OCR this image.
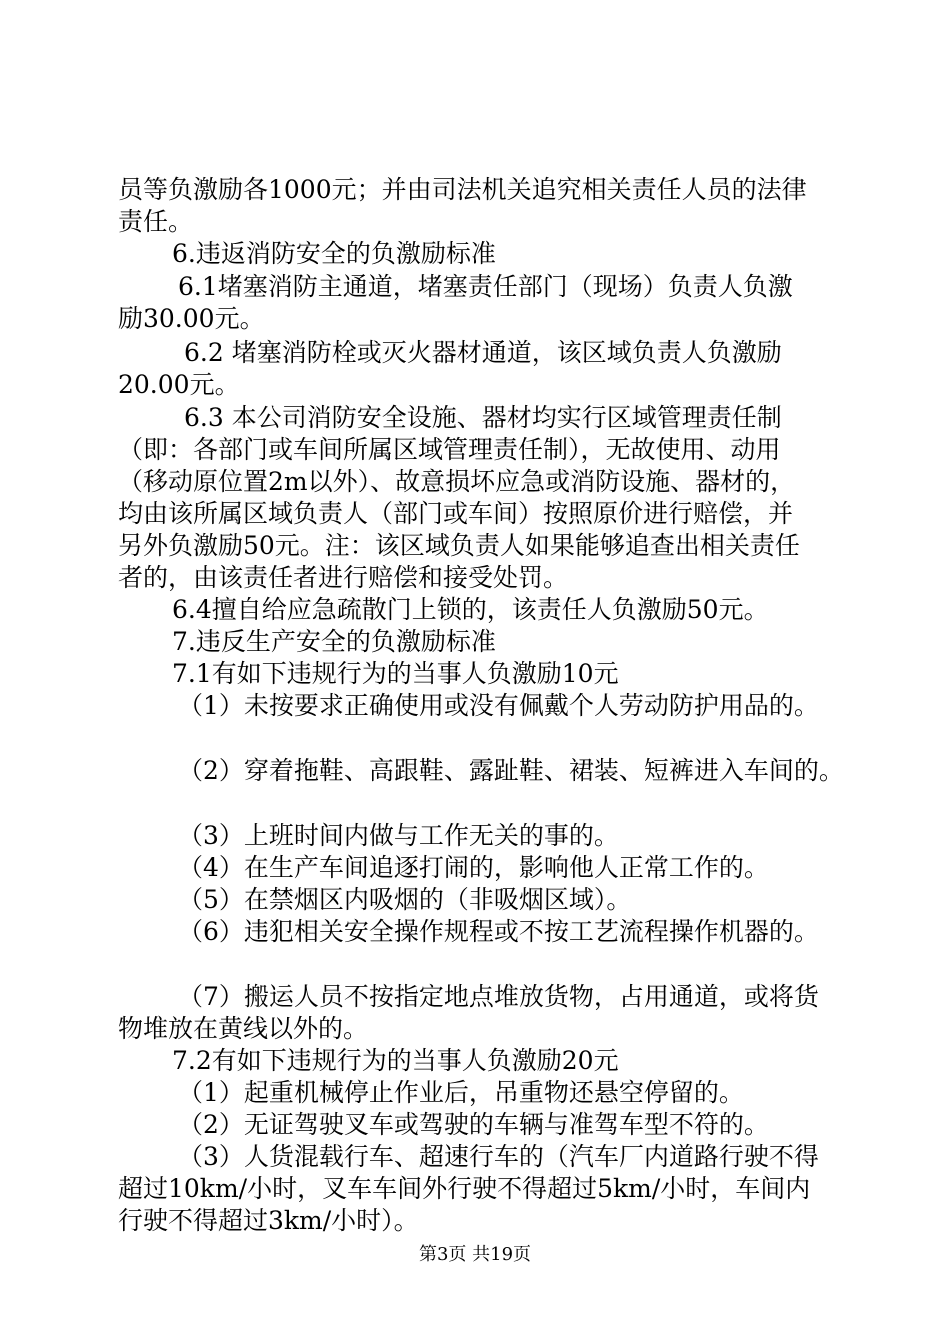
员等负激励各1000元；并由司法机关追究相关责任人员的法律
责任。
6.违返消防安全的负激励标准
6.1堵塞消防主通道，堵塞责任部门（现场）负责人负激
励30.00元。
6.2 堵塞消防栓或灭火器材通道，该区域负责人负激励
20.00元。
6.3 本公司消防安全设施、器材均实行区域管理责任制
（即：各部门或车间所属区域管理责任制），无故使用、动用
（移动原位置2m以外）、故意损坏应急或消防设施、器材的，
均由该所属区域负责人（部门或车间）按照原价进行赔偿，并
另外负激励50元。注：该区域负责人如果能够追查出相关责任
者的，由该责任者进行赔偿和接受处罚。
6.4擅自给应急疏散门上锁的，该责任人负激励50元。
7.违反生产安全的负激励标准
7.1有如下违规行为的当事人负激励10元
（1）未按要求正确使用或没有佩戴个人劳动防护用品的。
（2）穿着拖鞋、高跟鞋、露趾鞋、裙装、短裤进入车间的。
（3）上班时间内做与工作无关的事的。
（4）在生产车间追逐打闹的，影响他人正常工作的。
（5）在禁烟区内吸烟的（非吸烟区域）。
（6）违犯相关安全操作规程或不按工艺流程操作机器的。
（7）搬运人员不按指定地点堆放货物，占用通道，或将货
物堆放在黄线以外的。
7.2有如下违规行为的当事人负激励20元
（1）起重机械停止作业后，吊重物还悬空停留的。
（2）无证驾驶叉车或驾驶的车辆与准驾车型不符的。
（3）人货混载行车、超速行车的（汽车厂内道路行驶不得
超过10km/小时，叉车车间外行驶不得超过5km/小时，车间内
行驶不得超过3km/小时）。
第3页 共19页
